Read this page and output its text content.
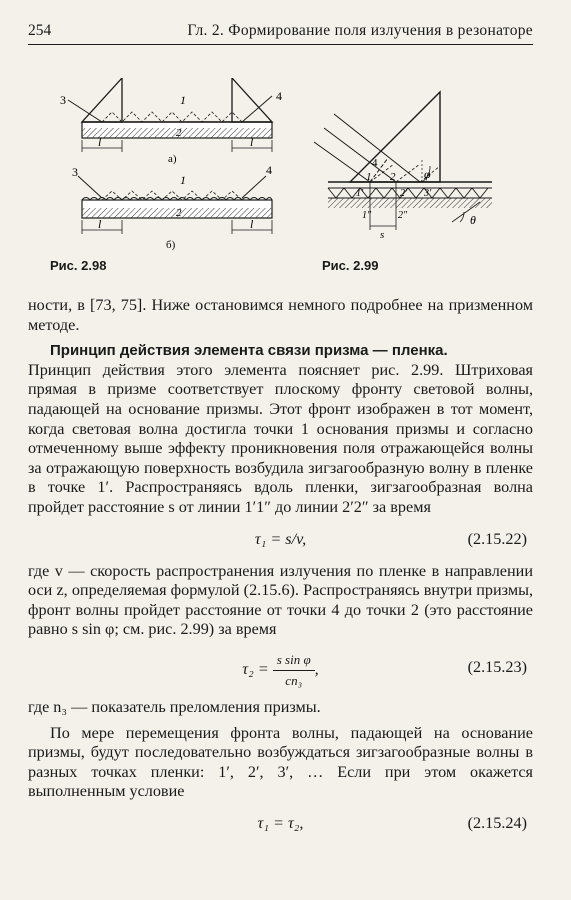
254	Гл. 2. Формирование поля излучения в резонаторе
3	1
2
4
l	l
а)
3
1
2
4
l	l
б)
Рис. 2.98
4
1 2 φ
1′	2′ 3′
1″	2″
s
θ
Рис. 2.99

ности, в [73, 75]. Ниже остановимся немного подробнее на призменном методе.

Принцип действия элемента связи призма — пленка.

Принцип действия этого элемента поясняет рис. 2.99. Штриховая прямая в призме соответствует плоскому фронту световой волны, падающей на основание призмы. Этот фронт изображен в тот момент, когда световая волна достигла точки 1 основания призмы и согласно отмеченному выше эффекту проникновения поля отражающейся волны за отражающую поверхность возбудила зигзагообразную волну в пленке в точке 1′. Распространяясь вдоль пленки, зигзагообразная волна пройдет расстояние s от линии 1′1″ до линии 2′2″ за время

τ₁ = s/v,	(2.15.22)

где v — скорость распространения излучения по пленке в направлении оси z, определяемая формулой (2.15.6). Распространяясь внутри призмы, фронт волны пройдет расстояние от точки 4 до точки 2 (это расстояние равно s sin φ; см. рис. 2.99) за время

$\tau_2 = \frac{\text{s sin φ}}{\text{cn₃}}$ ,	(2.15.23)

где n₃ — показатель преломления призмы.

По мере перемещения фронта волны, падающей на основание призмы, будут последовательно возбуждаться зигзагообразные волны в разных точках пленки: 1′, 2′, 3′, … Если при этом окажется выполненным условие

τ₁ = τ₂,	(2.15.24)
